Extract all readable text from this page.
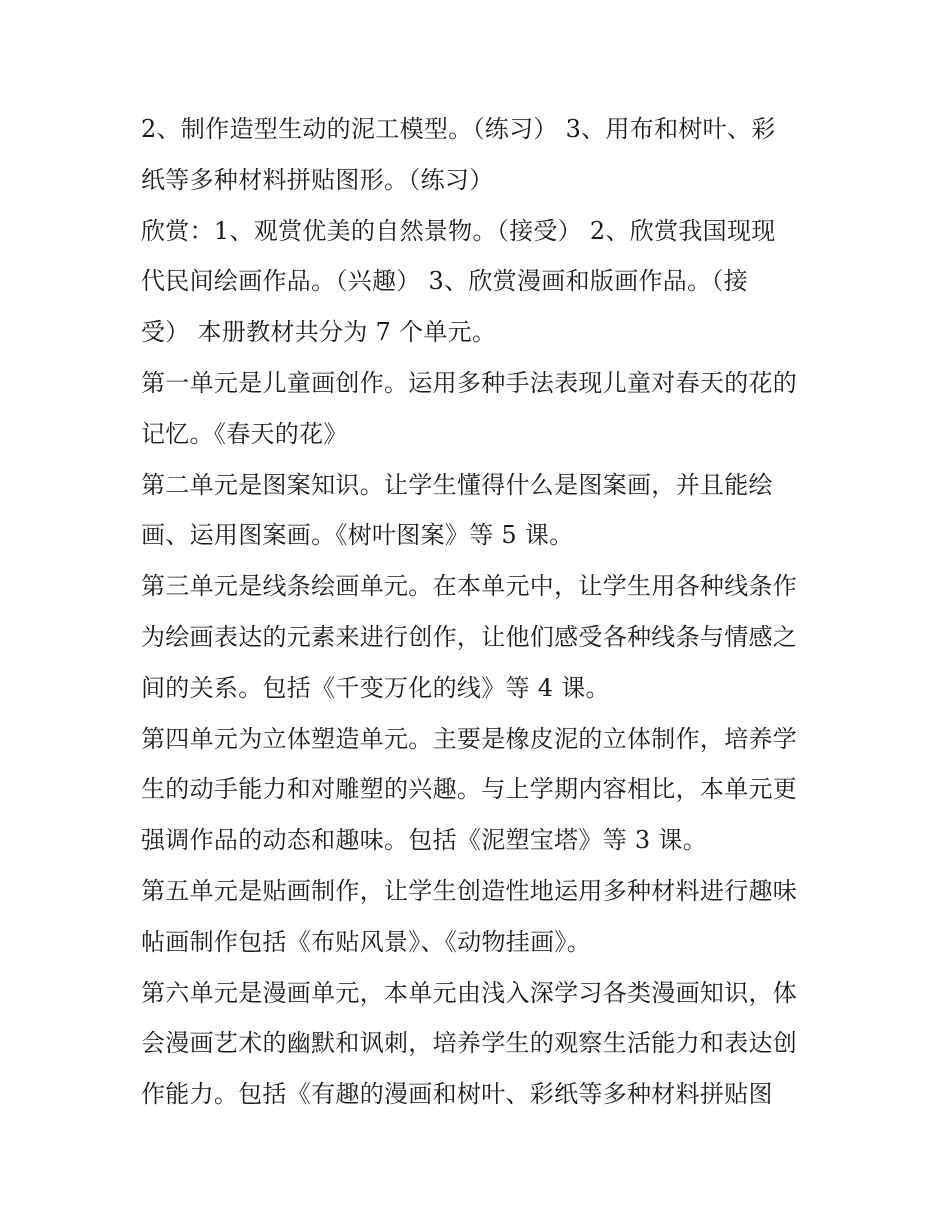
2、制作造型生动的泥工模型。（练习） 3、用布和树叶、彩
纸等多种材料拼贴图形。（练习）
欣赏：1、观赏优美的自然景物。（接受） 2、欣赏我国现现
代民间绘画作品。（兴趣） 3、欣赏漫画和版画作品。（接
受） 本册教材共分为 7 个单元。
第一单元是儿童画创作。运用多种手法表现儿童对春天的花的
记忆。《春天的花》
第二单元是图案知识。让学生懂得什么是图案画，并且能绘
画、运用图案画。《树叶图案》等 5 课。
第三单元是线条绘画单元。在本单元中，让学生用各种线条作
为绘画表达的元素来进行创作，让他们感受各种线条与情感之
间的关系。包括《千变万化的线》等 4 课。
第四单元为立体塑造单元。主要是橡皮泥的立体制作，培养学
生的动手能力和对雕塑的兴趣。与上学期内容相比，本单元更
强调作品的动态和趣味。包括《泥塑宝塔》等 3 课。
第五单元是贴画制作，让学生创造性地运用多种材料进行趣味
帖画制作包括《布贴风景》、《动物挂画》。
第六单元是漫画单元，本单元由浅入深学习各类漫画知识，体
会漫画艺术的幽默和讽刺，培养学生的观察生活能力和表达创
作能力。包括《有趣的漫画和树叶、彩纸等多种材料拼贴图
